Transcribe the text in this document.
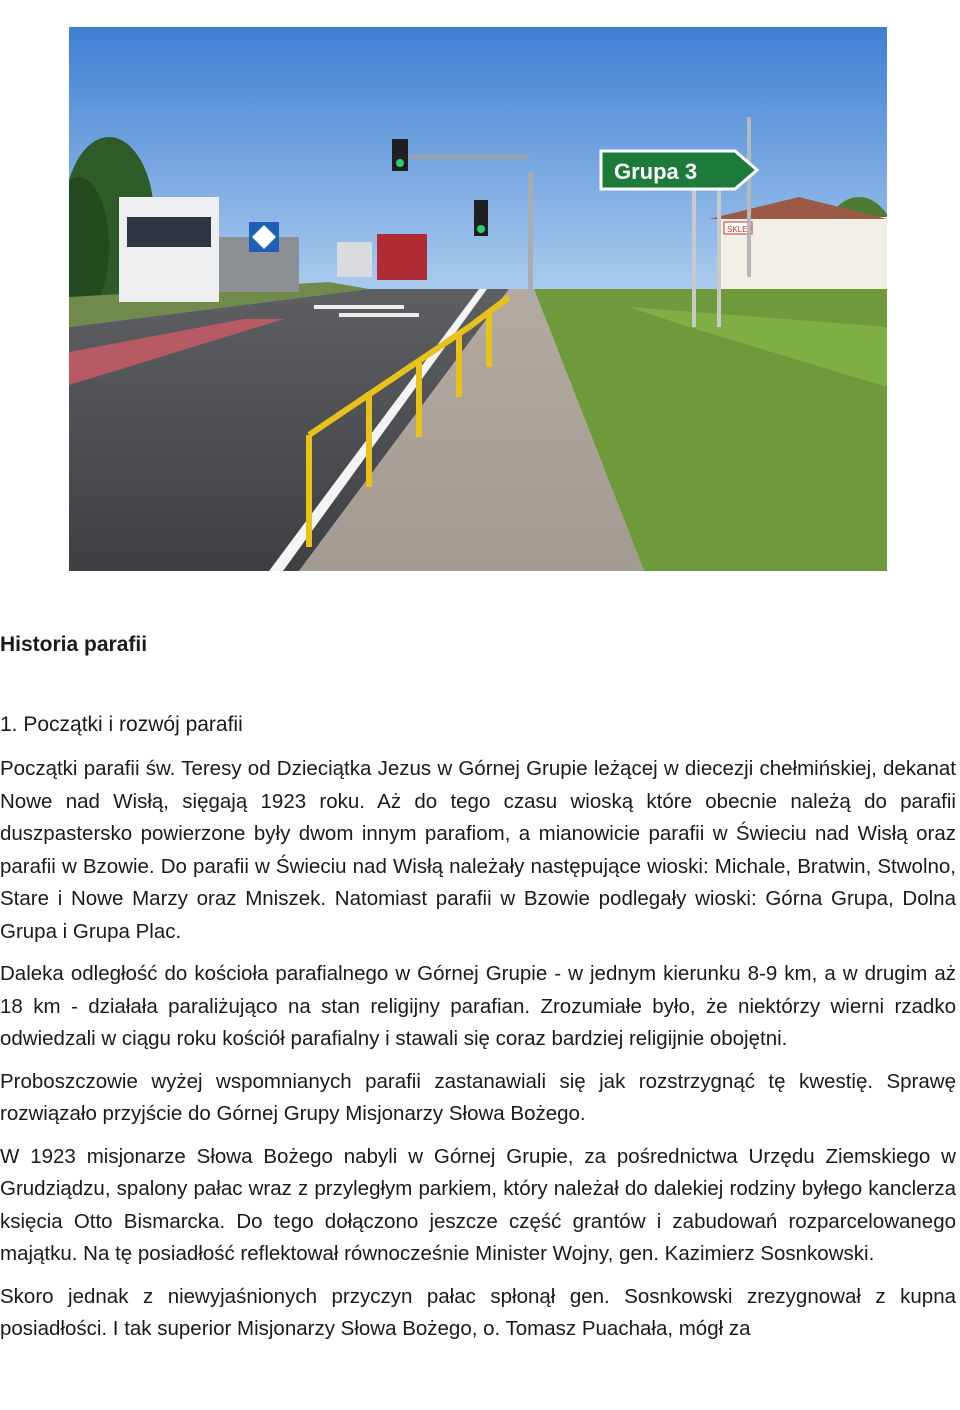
SKLEP
Grupa 3
Historia parafii
1. Początki i rozwój parafii

Początki parafii św. Teresy od Dzieciątka Jezus w Górnej Grupie leżącej w diecezji chełmińskiej, dekanat Nowe nad Wisłą, sięgają 1923 roku. Aż do tego czasu wioską które obecnie należą do parafii duszpastersko powierzone były dwom innym parafiom, a mianowicie parafii w Świeciu nad Wisłą oraz parafii w Bzowie. Do parafii w Świeciu nad Wisłą należały następujące wioski: Michale, Bratwin, Stwolno, Stare i Nowe Marzy oraz Mniszek. Natomiast parafii w Bzowie podlegały wioski: Górna Grupa, Dolna Grupa i Grupa Plac.

Daleka odległość do kościoła parafialnego w Górnej Grupie - w jednym kierunku 8-9 km, a w drugim aż 18 km - działała paraliżująco na stan religijny parafian. Zrozumiałe było, że niektórzy wierni rzadko odwiedzali w ciągu roku kościół parafialny i stawali się coraz bardziej religijnie obojętni.

Proboszczowie wyżej wspomnianych parafii zastanawiali się jak rozstrzygnąć tę kwestię. Sprawę rozwiązało przyjście do Górnej Grupy Misjonarzy Słowa Bożego.

W 1923 misjonarze Słowa Bożego nabyli w Górnej Grupie, za pośrednictwa Urzędu Ziemskiego w Grudziądzu, spalony pałac wraz z przyległym parkiem, który należał do dalekiej rodziny byłego kanclerza księcia Otto Bismarcka. Do tego dołączono jeszcze część grantów i zabudowań rozparcelowanego majątku. Na tę posiadłość reflektował równocześnie Minister Wojny, gen. Kazimierz Sosnkowski.

Skoro jednak z niewyjaśnionych przyczyn pałac spłonął gen. Sosnkowski zrezygnował z kupna posiadłości. I tak superior Misjonarzy Słowa Bożego, o. Tomasz Puachała, mógł za
